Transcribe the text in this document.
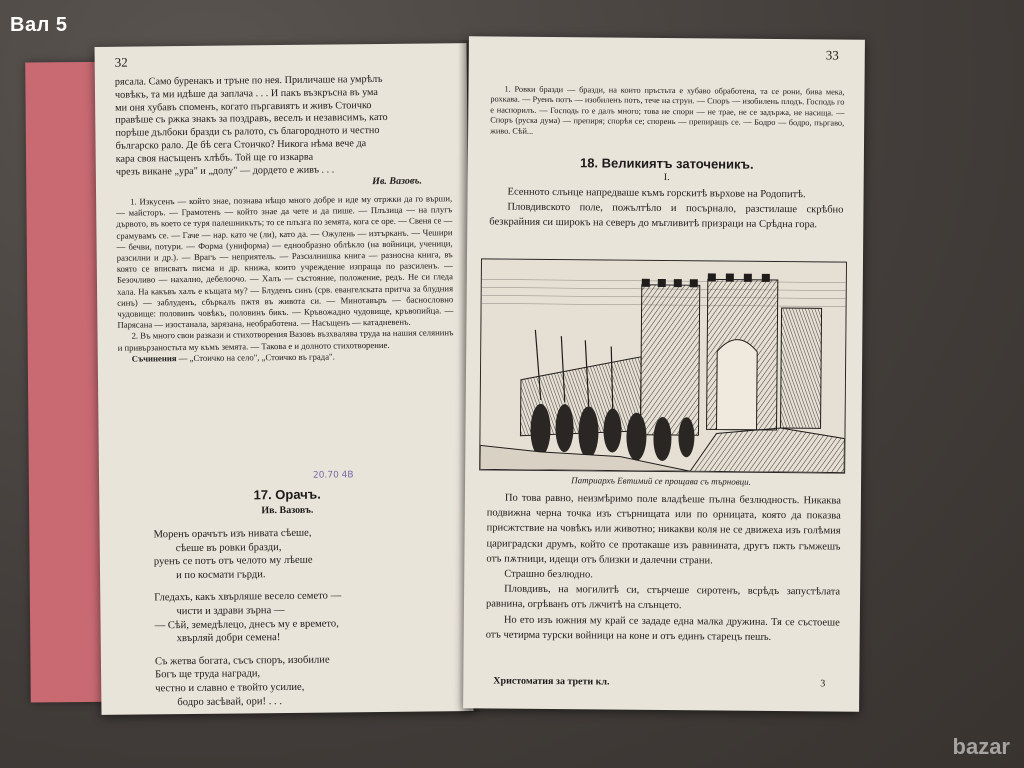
32

рясала. Само буренакъ и тръне по нея. Приличаше на умрѣлъ

човѣкъ, та ми идѣше да заплача . . . И пакъ възкръсна въ ума

ми оня хубавъ споменъ, когато пъргавиятъ и живъ Стоичко

правѣше съ ржка знакъ за поздравъ, веселъ и независимъ, като

порѣше дълбоки бразди съ ралото, съ благородното и честно

българско рало. Де бѣ сега Стоичко? Никога нѣма вече да

кара своя насъщенъ хлѣбъ. Той ще го изкарва

чрезъ викане „ура" и „долу" — дордето е живъ . . .

Ив. Вазовъ.

1. Изкусенъ — който знае, познава нѣщо много добре и иде му отржки да го върши, — майсторъ. — Грамотенъ — който знае да чете и да пише. — Плъзица — на плугъ дървото, въ което се туря палешникътъ; то се плъзга по земята, кога се оре. — Свеня се — срамувамъ се. — Гаче — нар. като че (ли), като да. — Ожулень — изтърканъ. — Чешири — бечви, потури. — Форма (униформа) — еднообразно облѣкло (на войници, ученици, разсилни и др.). — Врагъ — неприятель. — Разсилнишка книга — разносна книга, въ която се вписватъ писма и др. книжа, които учреждение изпраща по разсиленъ. — Безочливо — нахално, дебелоочо. — Халъ — състояние, положение, редъ. Не си гледа хала. На какъвъ халъ е къщата му? — Блуденъ синъ (срв. евангелската притча за блудния синъ) — заблуденъ, сбъркалъ пжтя въ живота си. — Минотавъръ — баснословно чудовище: половинъ човѣкъ, половинъ бикъ. — Кръвожадно чудовище, кръвопийца. — Парясана — изостанала, зарязана, необработена. — Насъщенъ — катадневенъ.

2. Въ много свои разкази и стихотворения Вазовъ възхвалява труда на нашия селянинъ и привързаностьта му къмъ земята. — Такова е и долното стихотворение.

Съчинения — „Стоичко на село", „Стоичко въ града".

20.70 4B
17. Орачъ.
Ив. Вазовъ.
Моренъ орачътъ изъ нивата сѣеше,
сѣеше въ ровки бразди,
руенъ се потъ отъ челото му лѣеше
и по космати гърди.
Гледахъ, какъ хвърляше весело семето —
чисти и здрави зърна —
— Сѣй, земедѣлецо, днесъ му е времето,
хвърляй добри семена!
Съ жетва богата, съсъ споръ, изобилие
Богъ ще труда награди,
честно и славно е твойто усилие,
бодро засѣвай, ори! . . .
33

1. Ровки бразди — бразди, на които пръстьта е хубаво обработена, та се рони, бива мека, рохкава. — Руенъ потъ — изобиленъ потъ, тече на струи. — Споръ — изобилень плодъ. Господь го е наспорилъ. — Господь го е далъ много; това не спори — не трае, не се задържа, не насища. — Споръ (руска дума) — препиря; спорѣя се; спорень — препиращъ се. — Бодро — бодро, пъргаво, живо. Сѣй...

18. Великиятъ заточеникъ.
I.

Есенното слънце напредваше къмъ горскитѣ върхове на Родопитѣ.

Пловдивското поле, пожълтѣло и посърнало, разстилаше скрѣбно безкрайния си широкъ на северъ до мъгливитѣ призраци на Срѣдна гора.

Патриархъ Евтимий се прощава съ търновци.

По това равно, неизмѣримо поле владѣеше пълна безлюдность. Никаква подвижна черна точка изъ стърнищата или по орницата, която да показва присжтствие на човѣкъ или животно; никакви коля не се движеха изъ голѣмия цариградски друмъ, който се протакаше изъ равнината, другъ пжть гъмжешъ отъ пѫтници, идещи отъ близки и далечни страни.

Страшно безлюдно.

Пловдивъ, на могилитѣ си, стърчеше сиротенъ, всрѣдъ запустѣлата равнина, огрѣванъ отъ лжчитѣ на слънцето.

Но ето изъ южния му край се зададе една малка дружина. Тя се състоеше отъ четирма турски войници на коне и отъ единъ старецъ пешъ.

Христоматия за трети кл.	3
Вал 5
bazar
